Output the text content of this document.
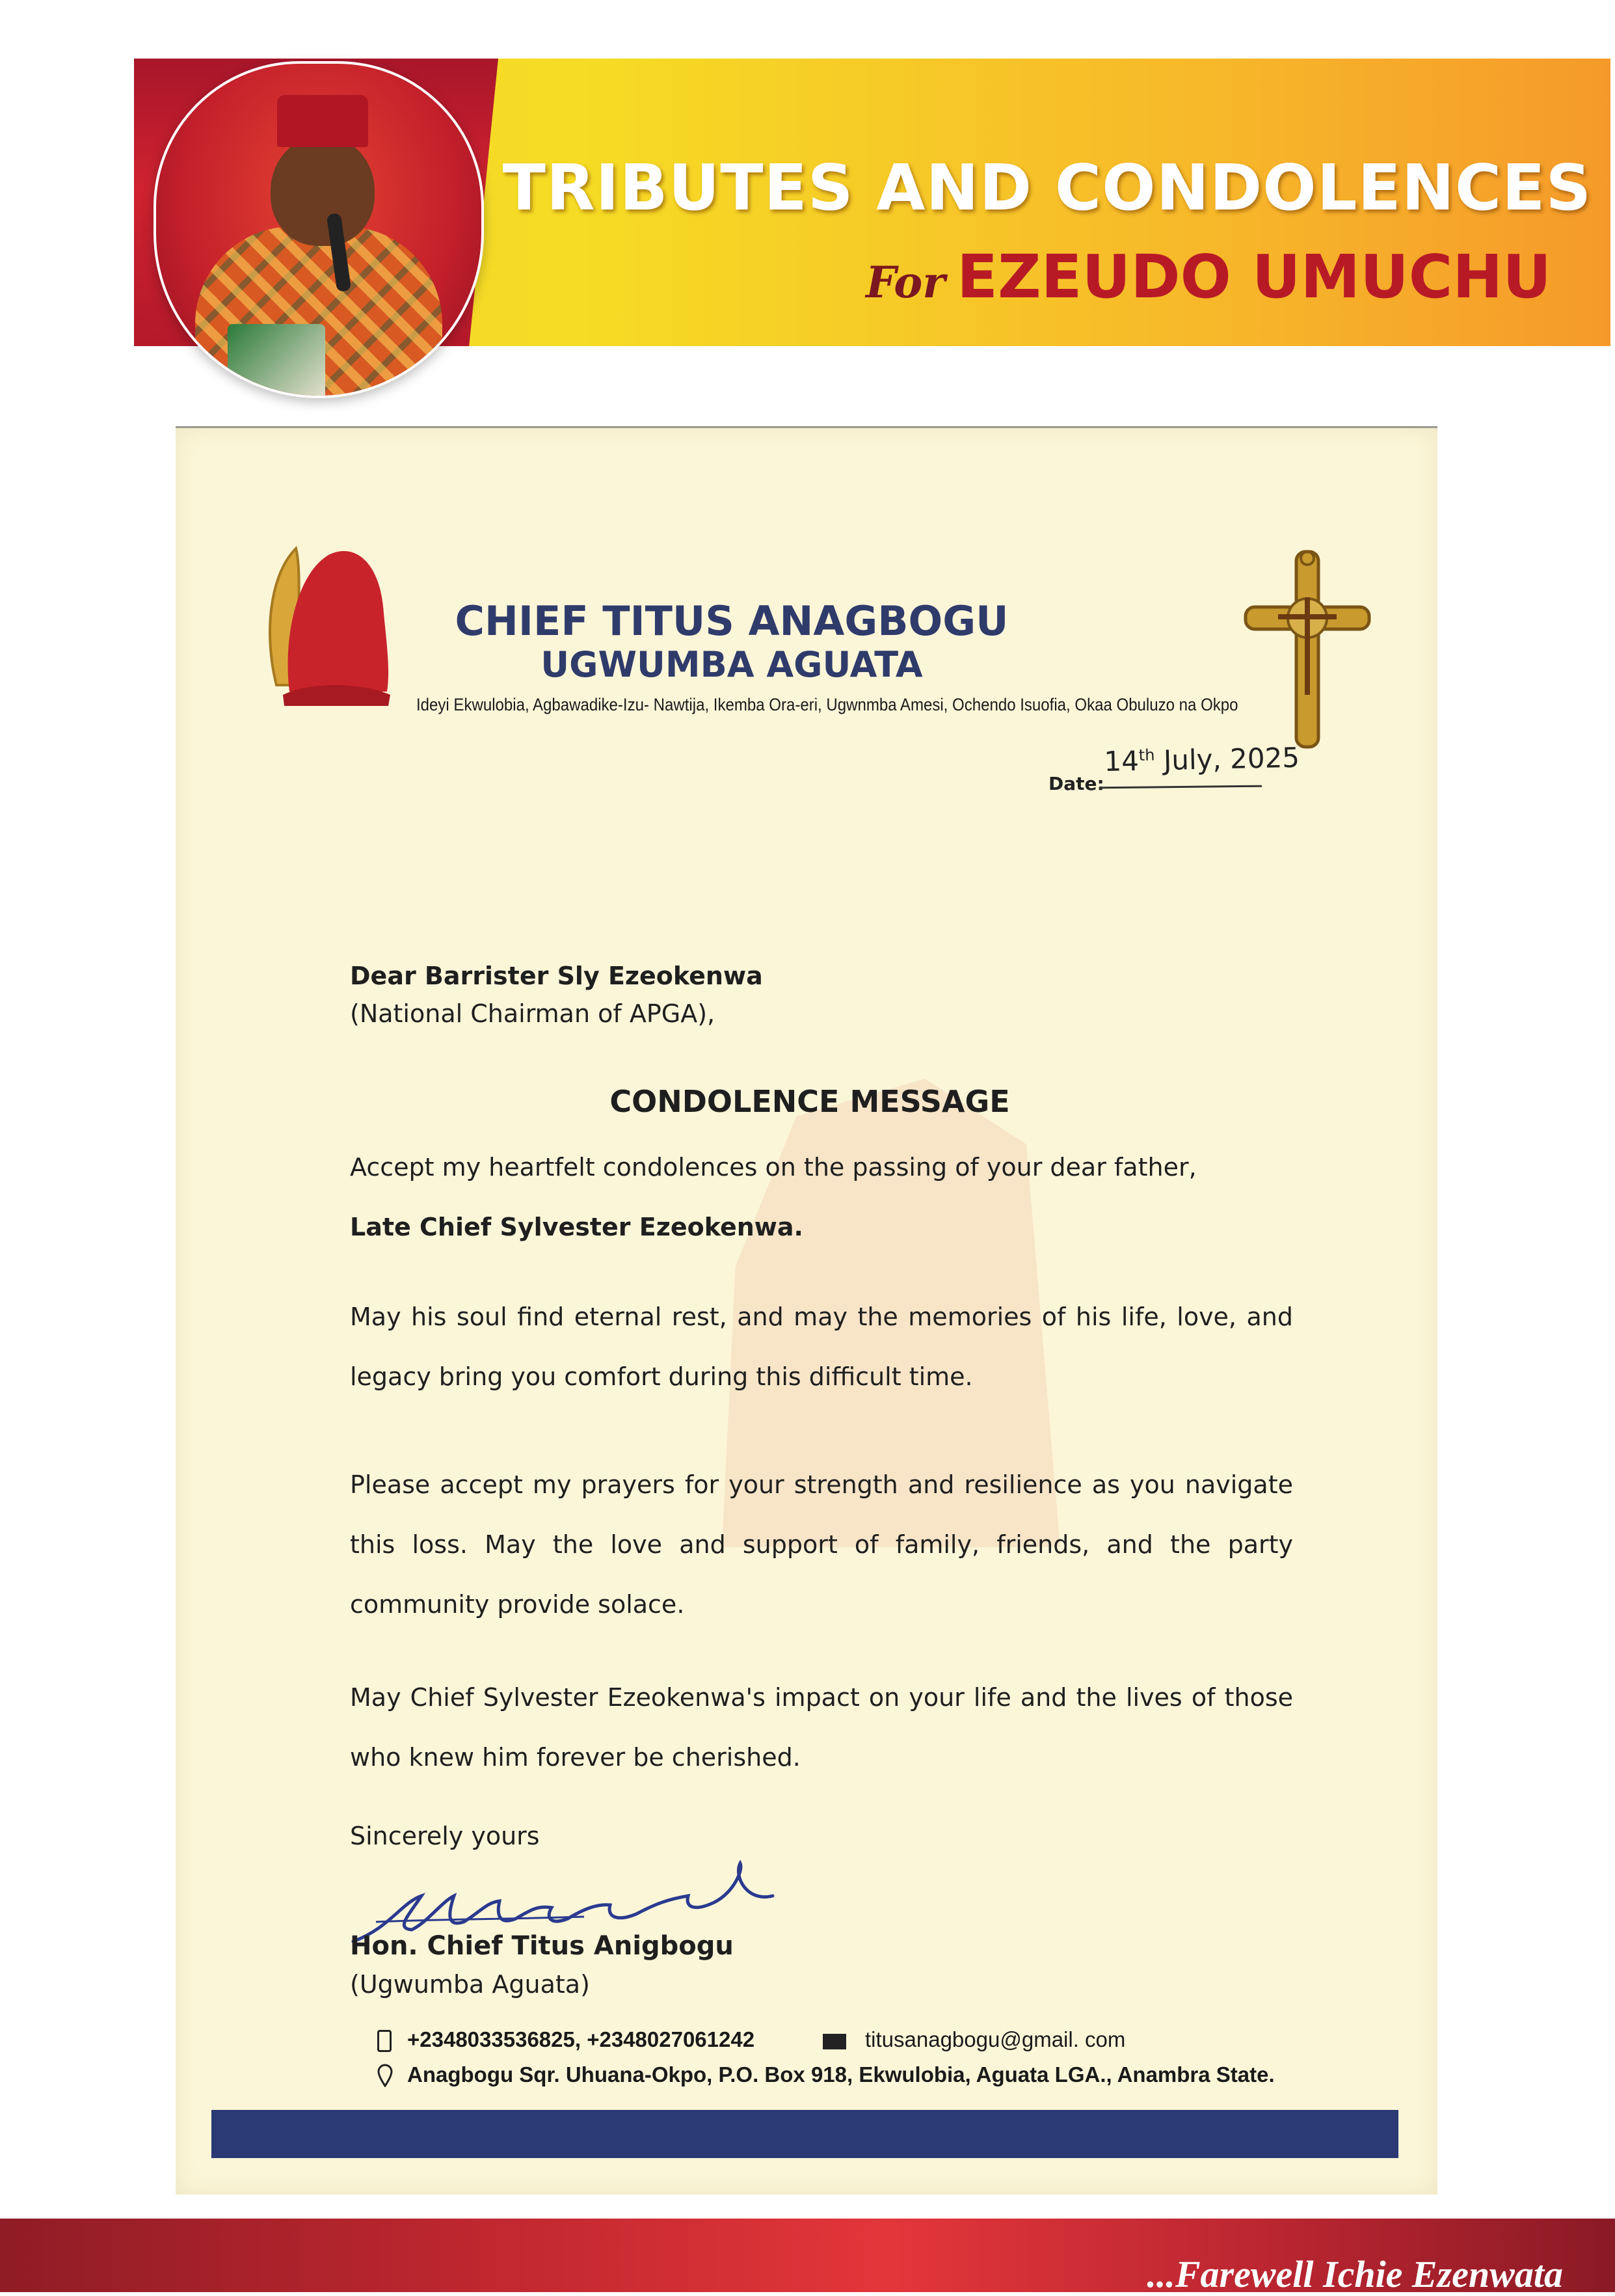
TRIBUTES AND CONDOLENCES
For EZEUDO UMUCHU
CHIEF TITUS ANAGBOGU
UGWUMBA AGUATA
Ideyi Ekwulobia, Agbawadike-Izu- Nawtija, Ikemba Ora-eri, Ugwnmba Amesi, Ochendo Isuofia, Okaa Obuluzo na Okpo
Date:
14th July, 2025
Dear Barrister Sly Ezeokenwa
(National Chairman of APGA),
CONDOLENCE MESSAGE

Accept my heartfelt condolences on the passing of your dear father,
Late Chief Sylvester Ezeokenwa.

May his soul find eternal rest, and may the memories of his life, love, and legacy bring you comfort during this difficult time.

Please accept my prayers for your strength and resilience as you navigate this loss. May the love and support of family, friends, and the party community provide solace.

May Chief Sylvester Ezeokenwa's impact on your life and the lives of those who knew him forever be cherished.

Sincerely yours
Hon. Chief Titus Anigbogu
(Ugwumba Aguata)
+2348033536825, +2348027061242	titusanagbogu@gmail. com
Anagbogu Sqr. Uhuana-Okpo, P.O. Box 918, Ekwulobia, Aguata LGA., Anambra State.
...Farewell Ichie Ezenwata
